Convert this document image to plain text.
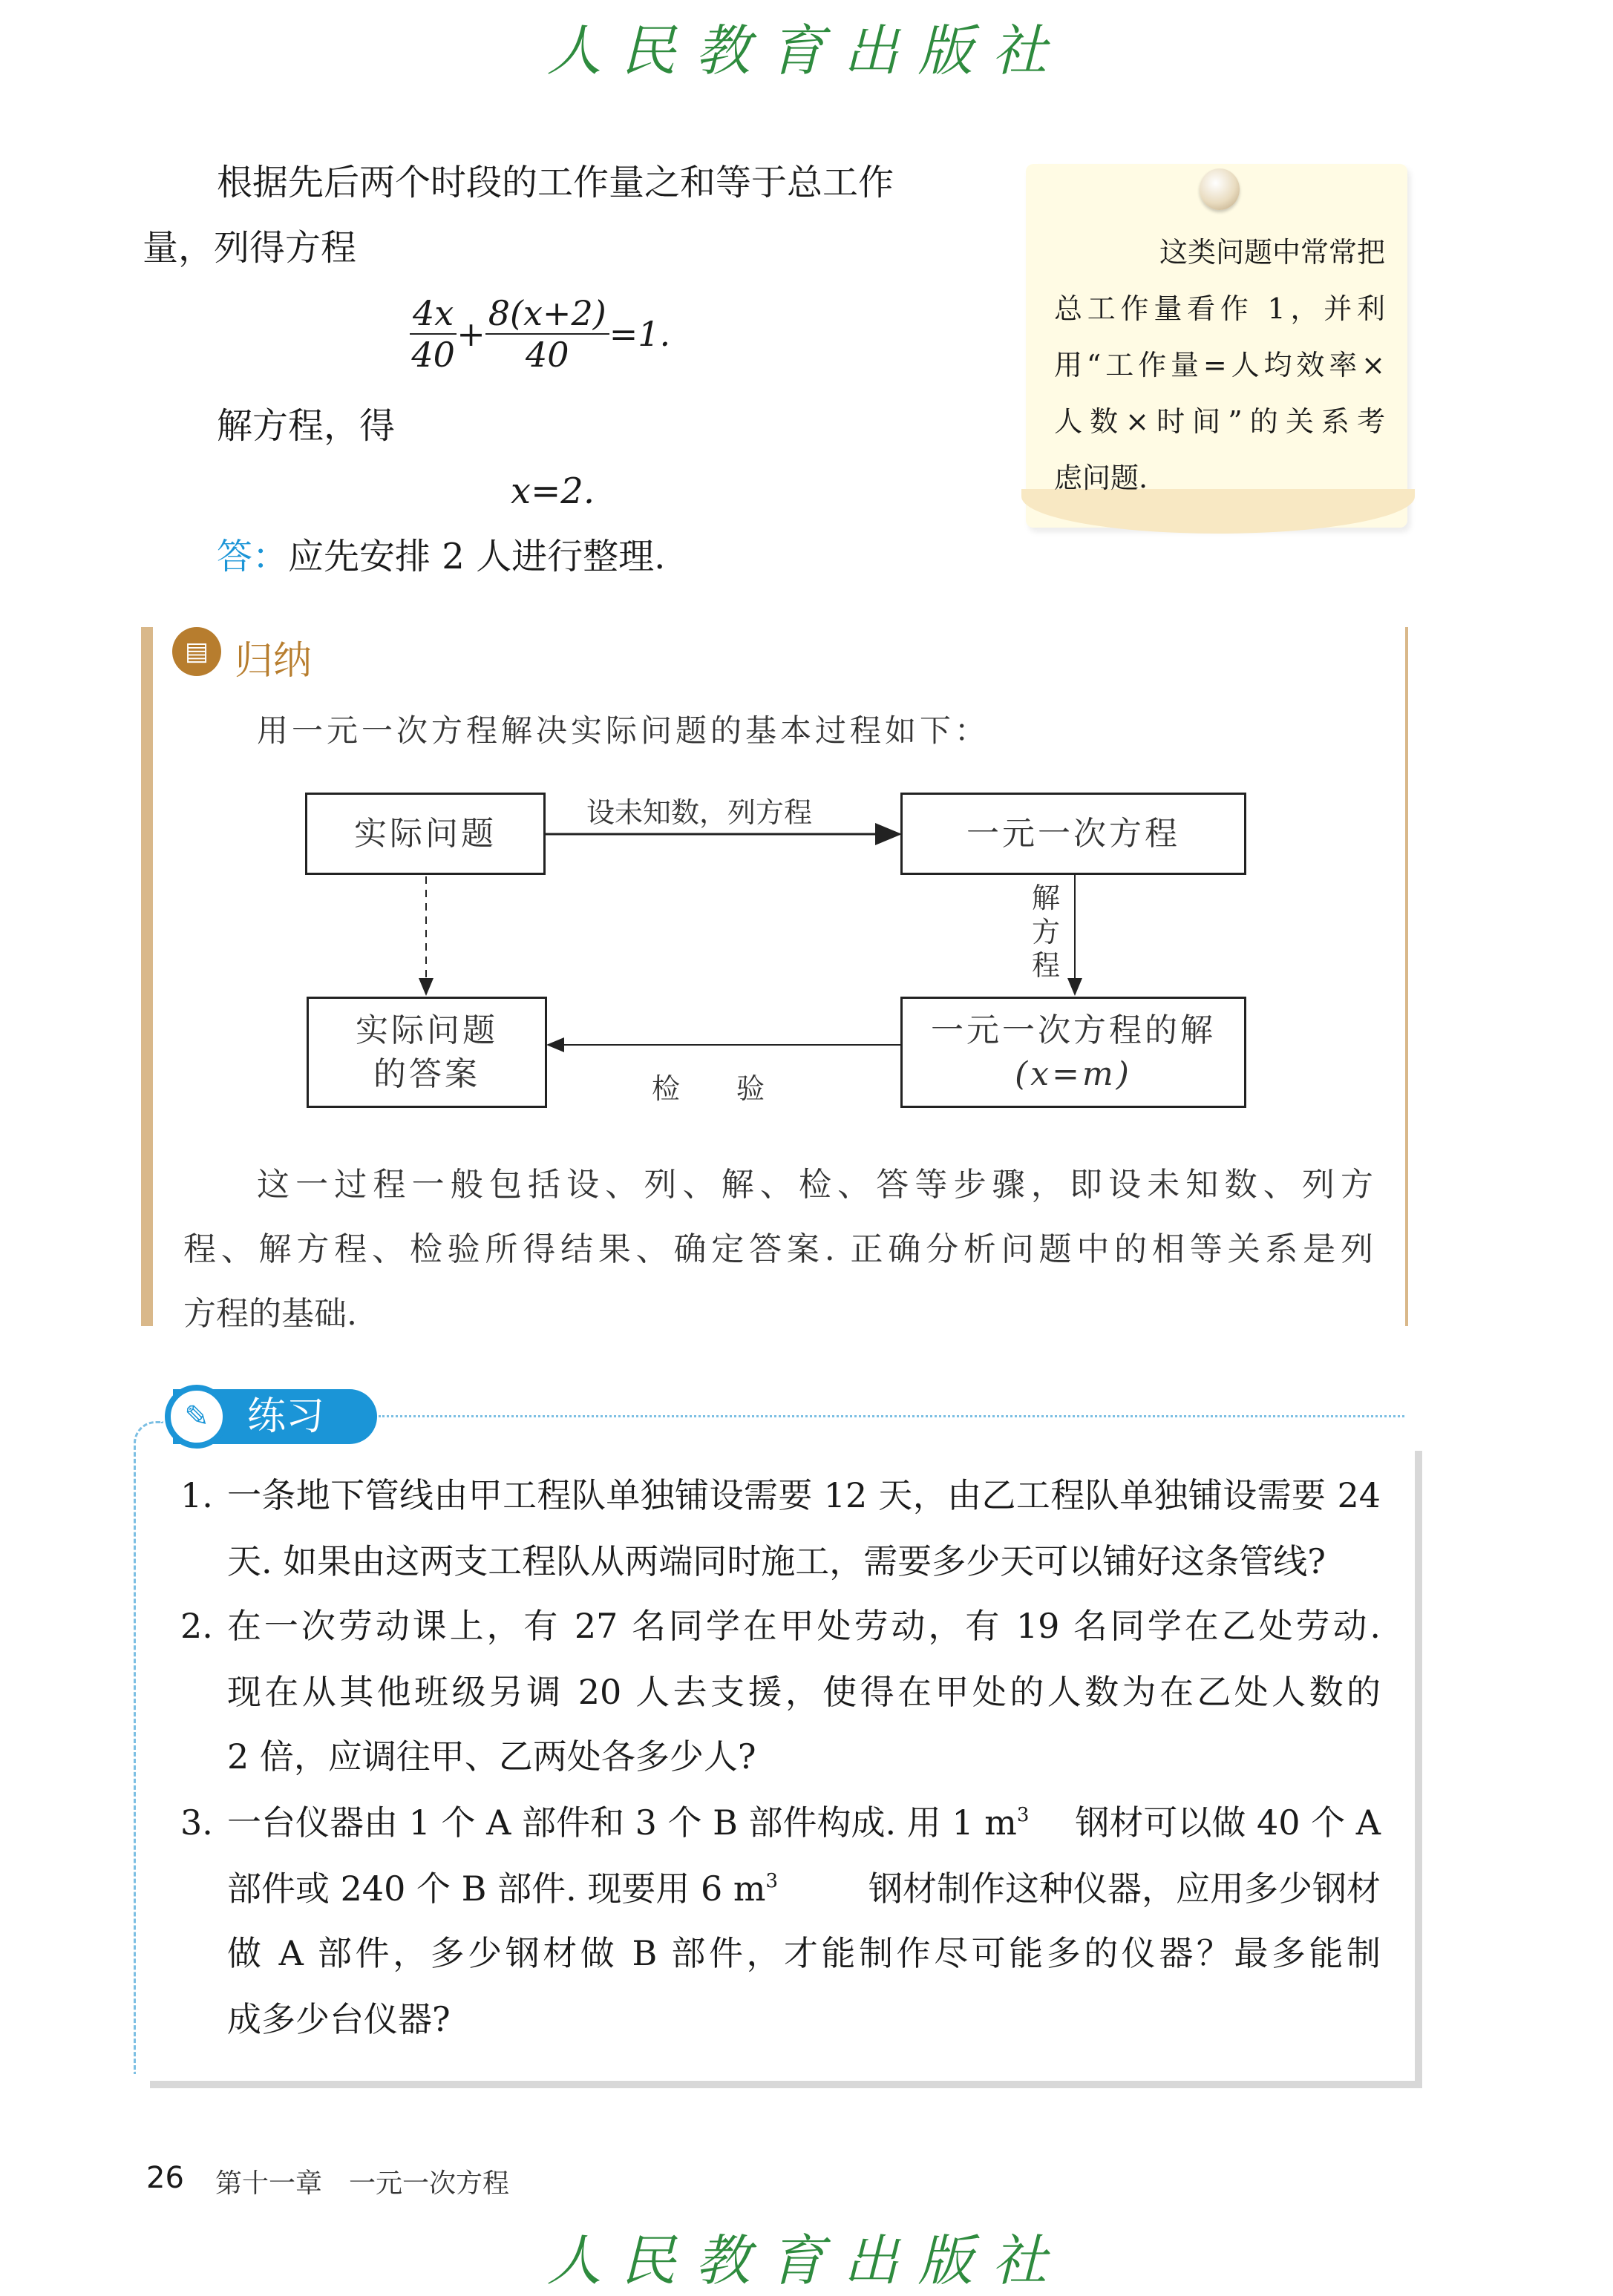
人民教育出版社
根据先后两个时段的工作量之和等于总工作
量，列得方程
$\frac{4x}{40} + \frac{8(x+2)}{40} =1$.
解方程，得
x=2.
答：应先安排 2 人进行整理.
这类问题中常常把
总工作量看作 1，并利
用“工作量=人均效率×
人数×时间”的关系考
虑问题.
▤ 归纳
用一元一次方程解决实际问题的基本过程如下：
实际问题	一元一次方程
实际问题
的答案
一元一次方程的解
(x=m)
设未知数，列方程
解
方
程
检　　验
这一过程一般包括设、列、解、检、答等步骤，即设未知数、列方
程、解方程、检验所得结果、确定答案. 正确分析问题中的相等关系是列
方程的基础.
练习
✎
1. 一条地下管线由甲工程队单独铺设需要 12 天，由乙工程队单独铺设需要 24
天. 如果由这两支工程队从两端同时施工，需要多少天可以铺好这条管线?
2. 在一次劳动课上，有 27 名同学在甲处劳动，有 19 名同学在乙处劳动.
现在从其他班级另调 20 人去支援，使得在甲处的人数为在乙处人数的
2 倍，应调往甲、乙两处各多少人?
3. 一台仪器由 1 个 A 部件和 3 个 B 部件构成. 用 1 m 3	钢材可以做 40 个 A
部件或 240 个 B 部件. 现要用 6 m 3	钢材制作这种仪器，应用多少钢材
做 A 部件，多少钢材做 B 部件，才能制作尽可能多的仪器？最多能制
成多少台仪器?
26 第十一章　一元一次方程
人民教育出版社
